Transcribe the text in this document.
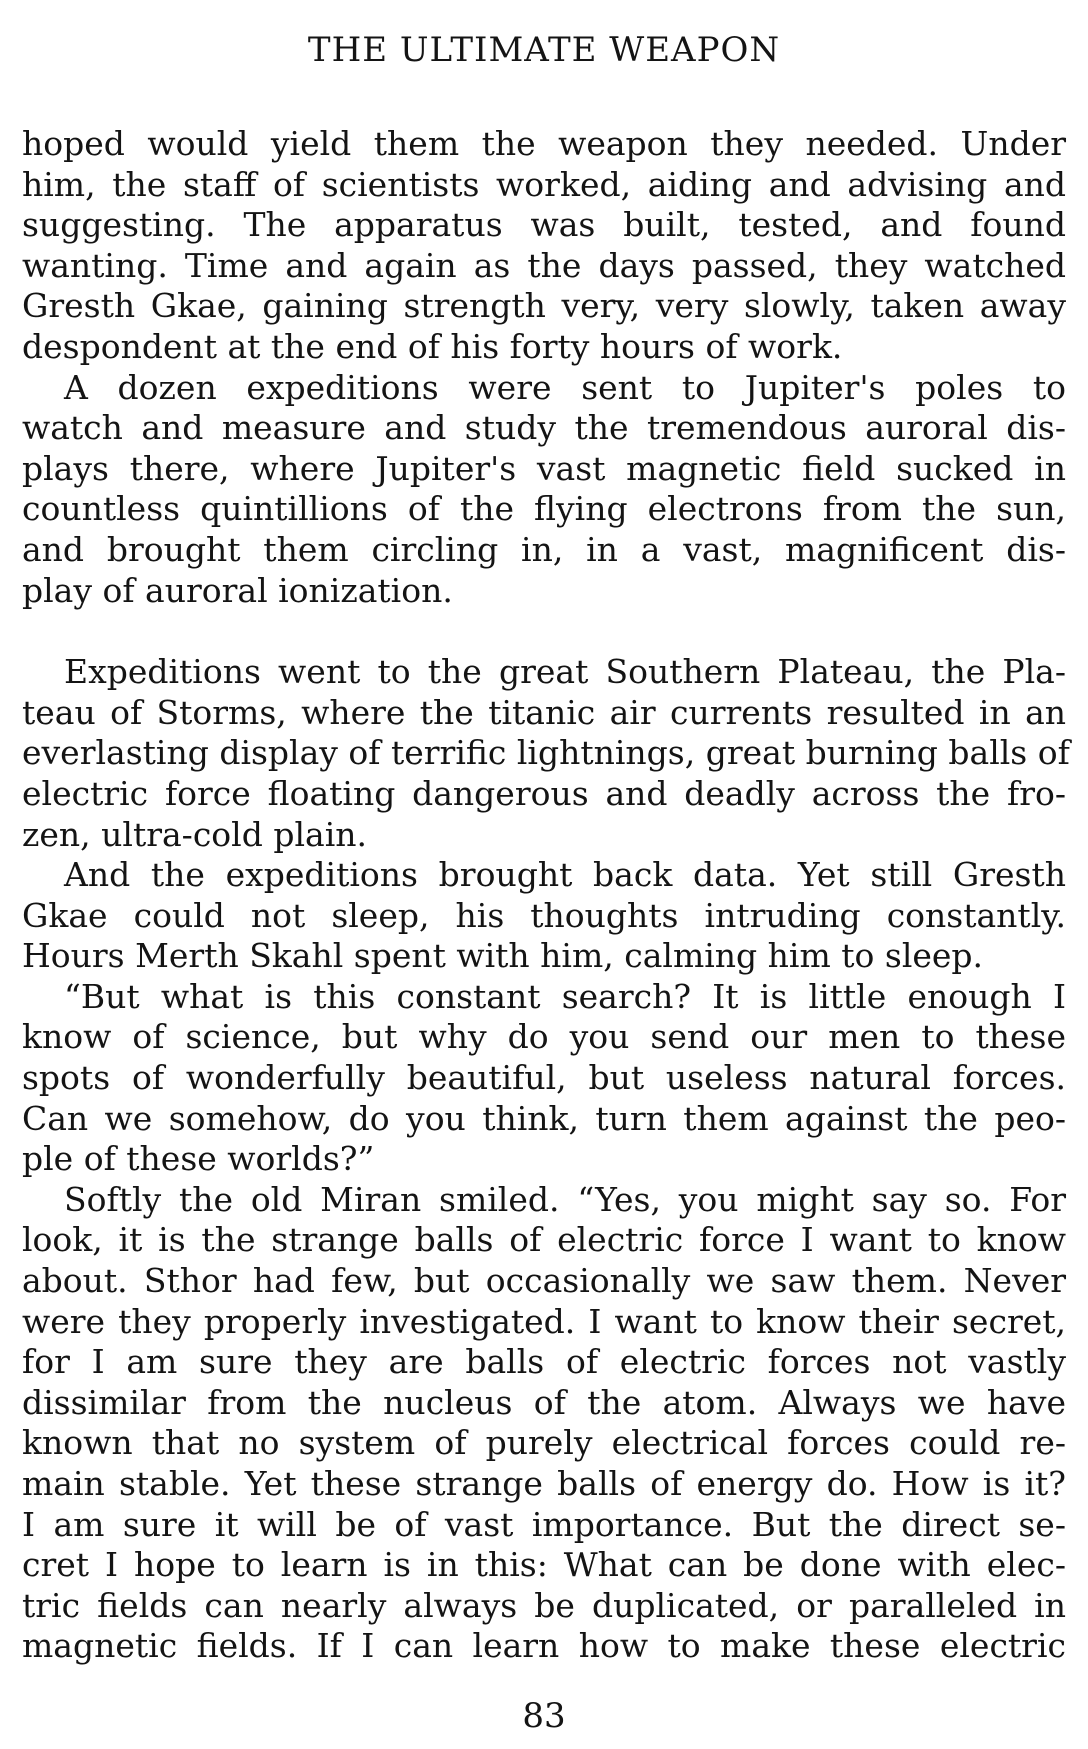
THE ULTIMATE WEAPON
hoped would yield them the weapon they needed. Under
him, the staff of scientists worked, aiding and advising and
suggesting. The apparatus was built, tested, and found
wanting. Time and again as the days passed, they watched
Gresth Gkae, gaining strength very, very slowly, taken away
despondent at the end of his forty hours of work.
A dozen expeditions were sent to Jupiter's poles to
watch and measure and study the tremendous auroral dis-
plays there, where Jupiter's vast magnetic field sucked in
countless quintillions of the flying electrons from the sun,
and brought them circling in, in a vast, magnificent dis-
play of auroral ionization.
Expeditions went to the great Southern Plateau, the Pla-
teau of Storms, where the titanic air currents resulted in an
everlasting display of terrific lightnings, great burning balls of
electric force floating dangerous and deadly across the fro-
zen, ultra-cold plain.
And the expeditions brought back data. Yet still Gresth
Gkae could not sleep, his thoughts intruding constantly.
Hours Merth Skahl spent with him, calming him to sleep.
“But what is this constant search? It is little enough I
know of science, but why do you send our men to these
spots of wonderfully beautiful, but useless natural forces.
Can we somehow, do you think, turn them against the peo-
ple of these worlds?”
Softly the old Miran smiled. “Yes, you might say so. For
look, it is the strange balls of electric force I want to know
about. Sthor had few, but occasionally we saw them. Never
were they properly investigated. I want to know their secret,
for I am sure they are balls of electric forces not vastly
dissimilar from the nucleus of the atom. Always we have
known that no system of purely electrical forces could re-
main stable. Yet these strange balls of energy do. How is it?
I am sure it will be of vast importance. But the direct se-
cret I hope to learn is in this: What can be done with elec-
tric fields can nearly always be duplicated, or paralleled in
magnetic fields. If I can learn how to make these electric
83
